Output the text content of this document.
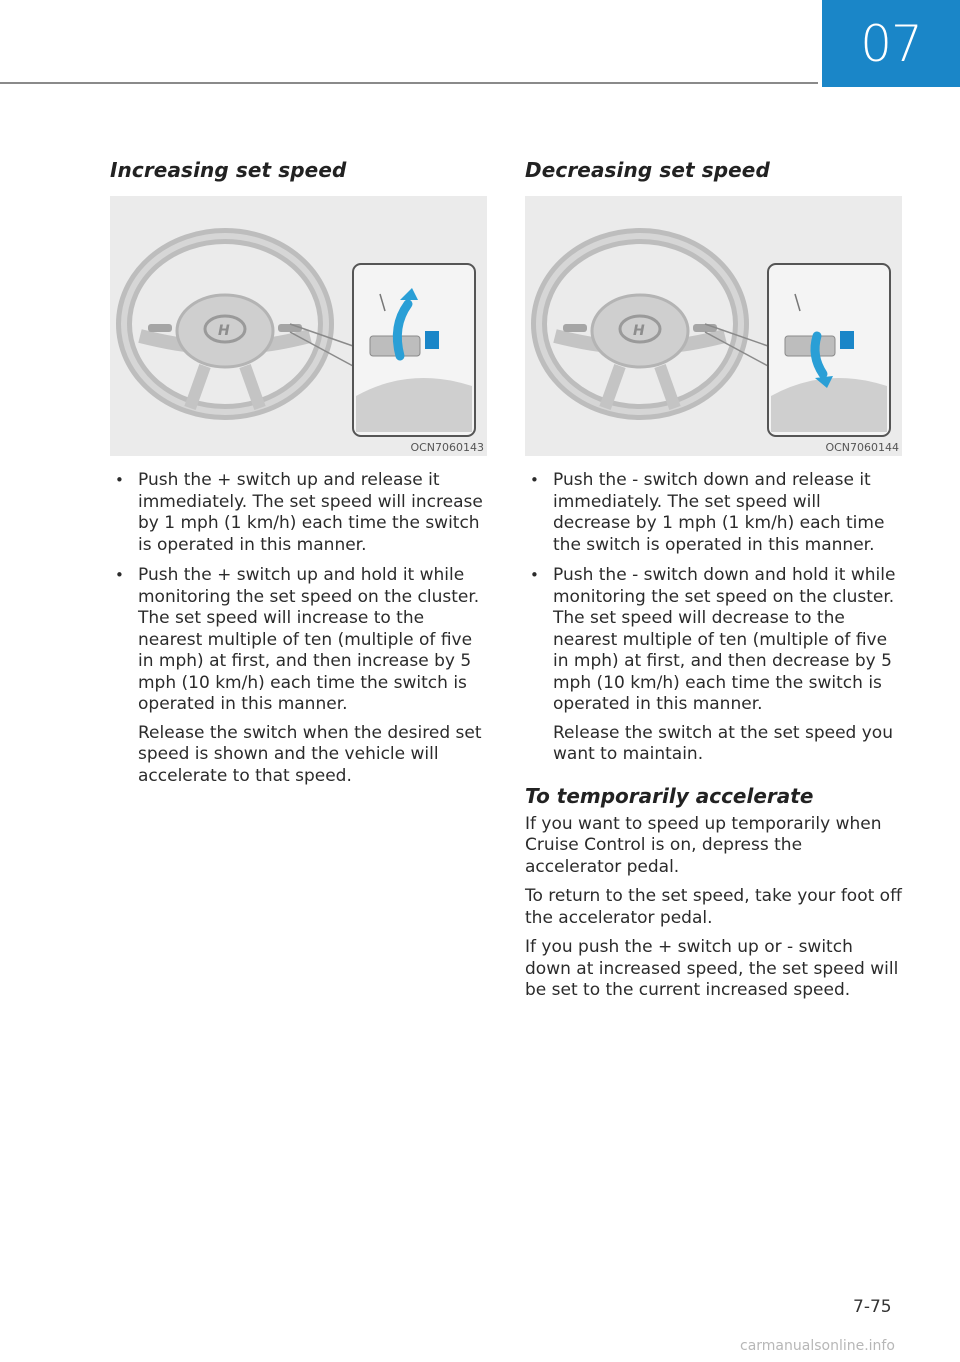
07
Increasing set speed
H
OCN7060143
• Push the + switch up and release it immediately. The set speed will increase by 1 mph (1 km/h) each time the switch is operated in this manner.
• Push the + switch up and hold it while monitoring the set speed on the cluster. The set speed will increase to the nearest multiple of ten (multiple of five in mph) at first, and then increase by 5 mph (10 km/h) each time the switch is operated in this manner.
Release the switch when the desired set speed is shown and the vehicle will accelerate to that speed.
Decreasing set speed
H
OCN7060144
• Push the - switch down and release it immediately. The set speed will decrease by 1 mph (1 km/h) each time the switch is operated in this manner.
• Push the - switch down and hold it while monitoring the set speed on the cluster. The set speed will decrease to the nearest multiple of ten (multiple of five in mph) at first, and then decrease by 5 mph (10 km/h) each time the switch is operated in this manner.
Release the switch at the set speed you want to maintain.
To temporarily accelerate

If you want to speed up temporarily when Cruise Control is on, depress the accelerator pedal.

To return to the set speed, take your foot off the accelerator pedal.

If you push the + switch up or - switch down at increased speed, the set speed will be set to the current increased speed.

7-75
carmanualsonline.info
